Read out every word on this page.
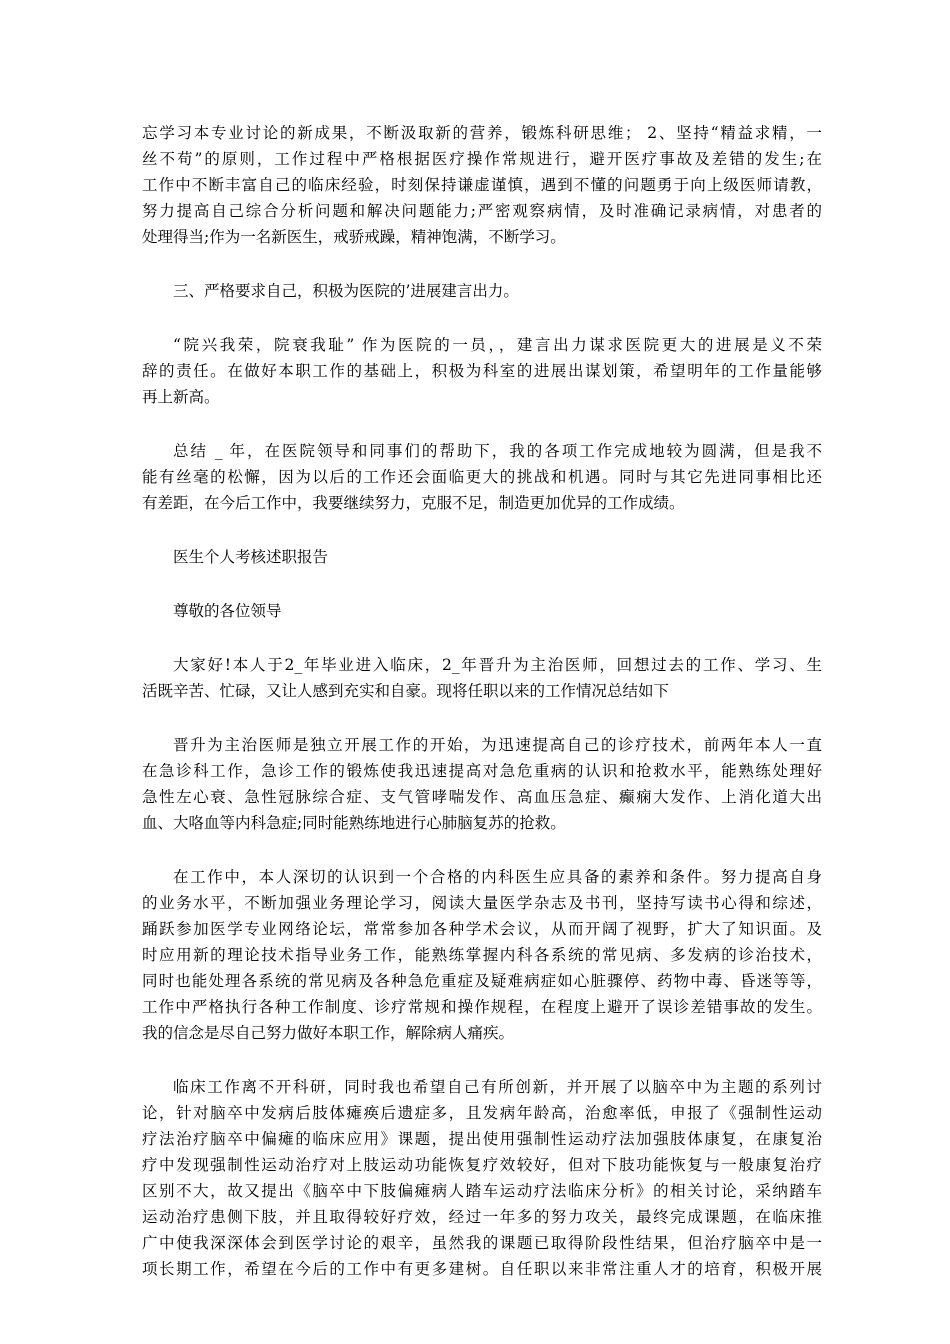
忘学习本专业讨论的新成果，不断汲取新的营养，锻炼科研思维； 2、坚持“精益求精，一
丝不苟”的原则，工作过程中严格根据医疗操作常规进行，避开医疗事故及差错的发生;在
工作中不断丰富自己的临床经验，时刻保持谦虚谨慎，遇到不懂的问题勇于向上级医师请教，
努力提高自己综合分析问题和解决问题能力;严密观察病情，及时准确记录病情，对患者的
处理得当;作为一名新医生，戒骄戒躁，精神饱满，不断学习。
三、严格要求自己，积极为医院的’进展建言出力。
“院兴我荣，院衰我耻” 作为医院的一员，，建言出力谋求医院更大的进展是义不荣
辞的责任。在做好本职工作的基础上，积极为科室的进展出谋划策，希望明年的工作量能够
再上新高。
总结 _ 年，在医院领导和同事们的帮助下，我的各项工作完成地较为圆满，但是我不
能有丝毫的松懈，因为以后的工作还会面临更大的挑战和机遇。同时与其它先进同事相比还
有差距，在今后工作中，我要继续努力，克服不足，制造更加优异的工作成绩。
医生个人考核述职报告
尊敬的各位领导
大家好!本人于2_年毕业进入临床，2_年晋升为主治医师，回想过去的工作、学习、生
活既辛苦、忙碌，又让人感到充实和自豪。现将任职以来的工作情况总结如下
晋升为主治医师是独立开展工作的开始，为迅速提高自己的诊疗技术，前两年本人一直
在急诊科工作，急诊工作的锻炼使我迅速提高对急危重病的认识和抢救水平，能熟练处理好
急性左心衰、急性冠脉综合症、支气管哮喘发作、高血压急症、癫痫大发作、上消化道大出
血、大咯血等内科急症;同时能熟练地进行心肺脑复苏的抢救。
在工作中，本人深切的认识到一个合格的内科医生应具备的素养和条件。努力提高自身
的业务水平，不断加强业务理论学习，阅读大量医学杂志及书刊，坚持写读书心得和综述，
踊跃参加医学专业网络论坛，常常参加各种学术会议，从而开阔了视野，扩大了知识面。及
时应用新的理论技术指导业务工作，能熟练掌握内科各系统的常见病、多发病的诊治技术，
同时也能处理各系统的常见病及各种急危重症及疑难病症如心脏骤停、药物中毒、昏迷等等，
工作中严格执行各种工作制度、诊疗常规和操作规程，在程度上避开了误诊差错事故的发生。
我的信念是尽自己努力做好本职工作，解除病人痛疾。
临床工作离不开科研，同时我也希望自己有所创新，并开展了以脑卒中为主题的系列讨
论，针对脑卒中发病后肢体瘫痪后遗症多，且发病年龄高，治愈率低，申报了《强制性运动
疗法治疗脑卒中偏瘫的临床应用》课题，提出使用强制性运动疗法加强肢体康复，在康复治
疗中发现强制性运动治疗对上肢运动功能恢复疗效较好，但对下肢功能恢复与一般康复治疗
区别不大，故又提出《脑卒中下肢偏瘫病人踏车运动疗法临床分析》的相关讨论，采纳踏车
运动治疗患侧下肢，并且取得较好疗效，经过一年多的努力攻关，最终完成课题，在临床推
广中使我深深体会到医学讨论的艰辛，虽然我的课题已取得阶段性结果，但治疗脑卒中是一
项长期工作，希望在今后的工作中有更多建树。自任职以来非常注重人才的培育，积极开展
